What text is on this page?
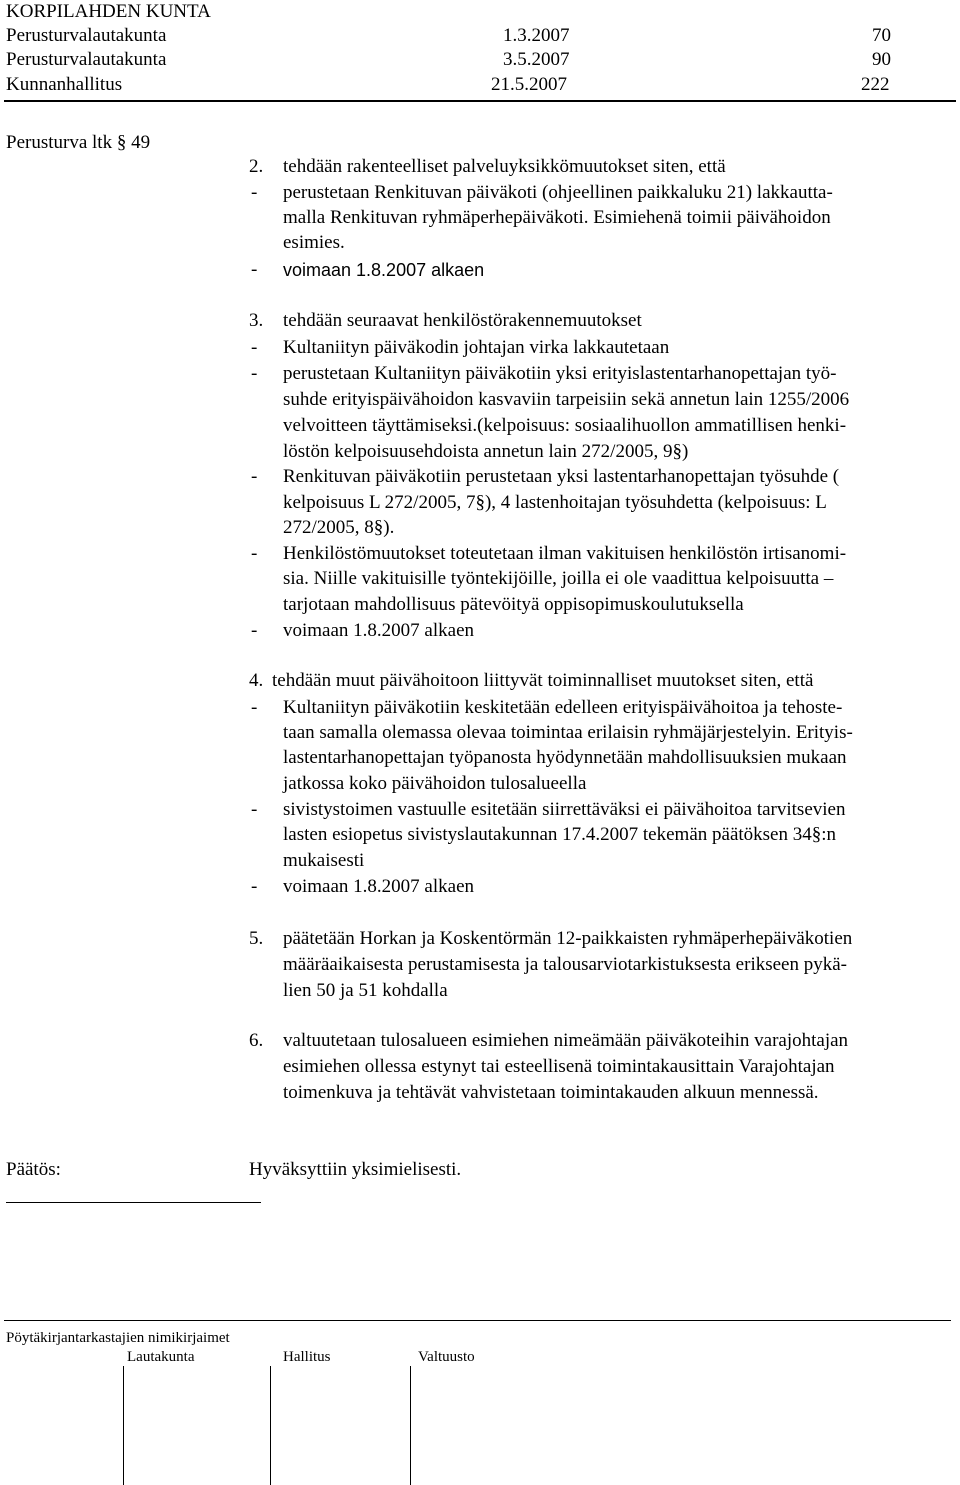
KORPILAHDEN KUNTA
Perusturvalautakunta	1.3.2007	70
Perusturvalautakunta	3.5.2007	90
Kunnanhallitus	21.5.2007	222
Perusturva ltk § 49
2. tehdään rakenteelliset palveluyksikkömuutokset siten, että
- perustetaan Renkituvan päiväkoti (ohjeellinen paikkaluku 21) lakkautta-
malla Renkituvan ryhmäperhepäiväkoti. Esimiehenä toimii päivähoidon
esimies.
- voimaan 1.8.2007 alkaen
3. tehdään seuraavat henkilöstörakennemuutokset
- Kultaniityn päiväkodin johtajan virka lakkautetaan
- perustetaan Kultaniityn päiväkotiin yksi erityislastentarhanopettajan työ-
suhde erityispäivähoidon kasvaviin tarpeisiin sekä annetun lain 1255/2006
velvoitteen täyttämiseksi.(kelpoisuus: sosiaalihuollon ammatillisen henki-
löstön kelpoisuusehdoista annetun lain 272/2005, 9§)
- Renkituvan päiväkotiin perustetaan yksi lastentarhanopettajan työsuhde (
kelpoisuus L 272/2005, 7§), 4 lastenhoitajan työsuhdetta (kelpoisuus: L
272/2005, 8§).
- Henkilöstömuutokset toteutetaan ilman vakituisen henkilöstön irtisanomi-
sia. Niille vakituisille työntekijöille, joilla ei ole vaadittua kelpoisuutta –
tarjotaan mahdollisuus pätevöityä oppisopimuskoulutuksella
- voimaan 1.8.2007 alkaen
4. tehdään muut päivähoitoon liittyvät toiminnalliset muutokset siten, että
- Kultaniityn päiväkotiin keskitetään edelleen erityispäivähoitoa ja tehoste-
taan samalla olemassa olevaa toimintaa erilaisin ryhmäjärjestelyin. Erityis-
lastentarhanopettajan työpanosta hyödynnetään mahdollisuuksien mukaan
jatkossa koko päivähoidon tulosalueella
- sivistystoimen vastuulle esitetään siirrettäväksi ei päivähoitoa tarvitsevien
lasten esiopetus sivistyslautakunnan 17.4.2007 tekemän päätöksen 34§:n
mukaisesti
- voimaan 1.8.2007 alkaen
5. päätetään Horkan ja Koskentörmän 12-paikkaisten ryhmäperhepäiväkotien
määräaikaisesta perustamisesta ja talousarviotarkistuksesta erikseen pykä-
lien 50 ja 51 kohdalla
6. valtuutetaan tulosalueen esimiehen nimeämään päiväkoteihin varajohtajan
esimiehen ollessa estynyt tai esteellisenä toimintakausittain Varajohtajan
toimenkuva ja tehtävät vahvistetaan toimintakauden alkuun mennessä.
Päätös:	Hyväksyttiin yksimielisesti.
Pöytäkirjantarkastajien nimikirjaimet
Lautakunta	Hallitus	Valtuusto
